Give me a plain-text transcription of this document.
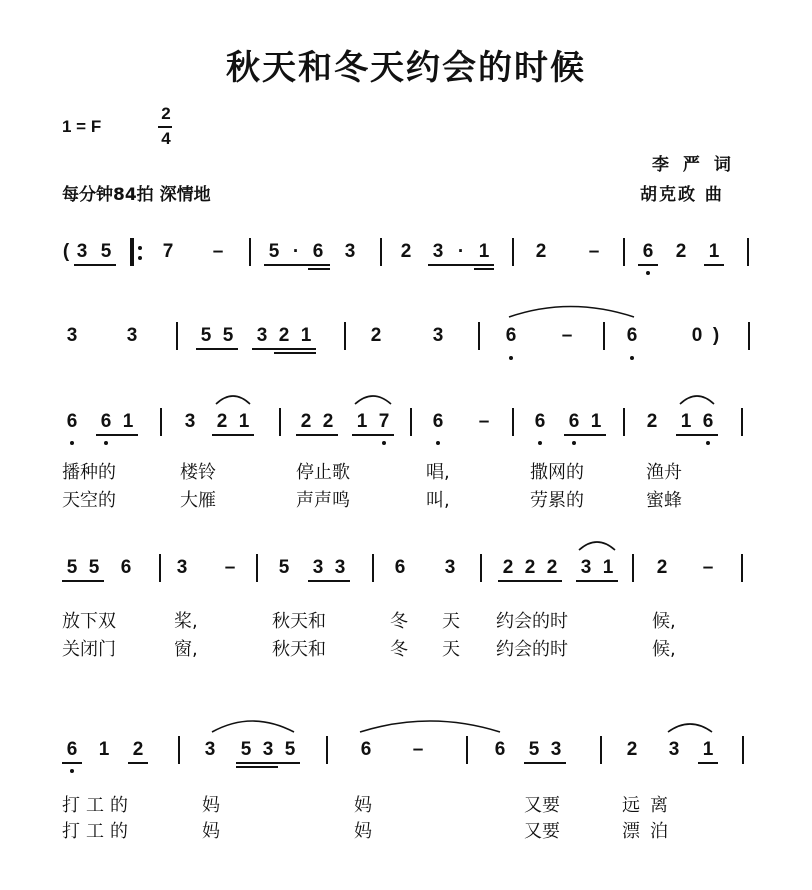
秋天和冬天约会的时候
1 = F
2
4
每分钟84拍 深情地
李 严 词
胡克政 曲
( 3 5	7 – 5 · 6 3 2 3 · 1 2 – 6 2 1
3	3	5 5 3 2 1	2	3	6 –	6	0 )
6 6 1	3 2 1	2 2 1 7 6 – 6 6 1 2 1 6
播种的	楼铃	停止歌	唱,	撒网的	渔舟
天空的	大雁	声声鸣	叫,	劳累的	蜜蜂
5 5 6 3 – 5 3 3	6 3 2 2 2 3 1 2 –
放下双	桨,	秋天和	冬 天 约会的时	候,
关闭门	窗,	秋天和	冬 天 约会的时	候,
6 1 2	3 5 3 5	6 –	6 5 3	2 3 1
打工的	妈	妈	又要	远离
打工的	妈	妈	又要	漂泊
